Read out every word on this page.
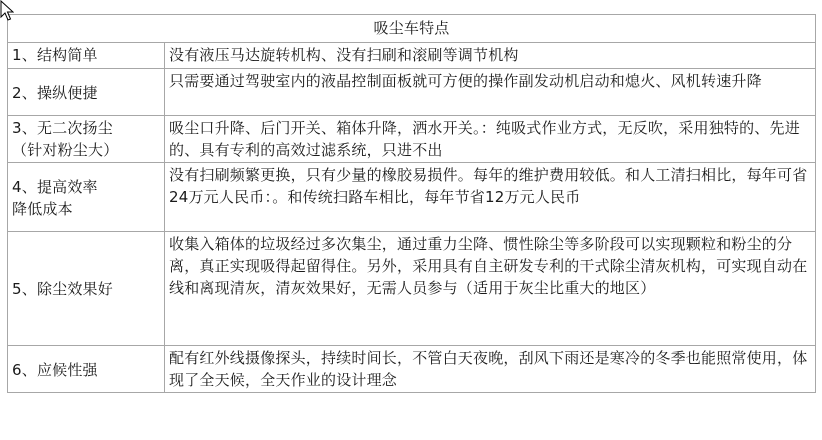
吸尘车特点	

1、结构简单	没有液压马达旋转机构、没有扫刷和滚刷等调节机构

2、操纵便捷	只需要通过驾驶室内的液晶控制面板就可方便的操作副发动机启动和熄火、风机转速升降

3、无二次扬尘
（针对粉尘大）	吸尘口升降、后门开关、箱体升降，洒水开关。：纯吸式作业方式，无反吹，采用独特的、先进的、具有专利的高效过滤系统，只进不出

4、提高效率
降低成本	没有扫刷频繁更换，只有少量的橡胶易损件。每年的维护费用较低。和人工清扫相比，每年可省24万元人民币：。和传统扫路车相比，每年节省12万元人民币

5、除尘效果好	收集入箱体的垃圾经过多次集尘，通过重力尘降、惯性除尘等多阶段可以实现颗粒和粉尘的分离，真正实现吸得起留得住。另外，采用具有自主研发专利的干式除尘清灰机构，可实现自动在线和离现清灰，清灰效果好，无需人员参与（适用于灰尘比重大的地区）

6、应候性强	配有红外线摄像探头，持续时间长，不管白天夜晚，刮风下雨还是寒冷的冬季也能照常使用，体现了全天候，全天作业的设计理念
